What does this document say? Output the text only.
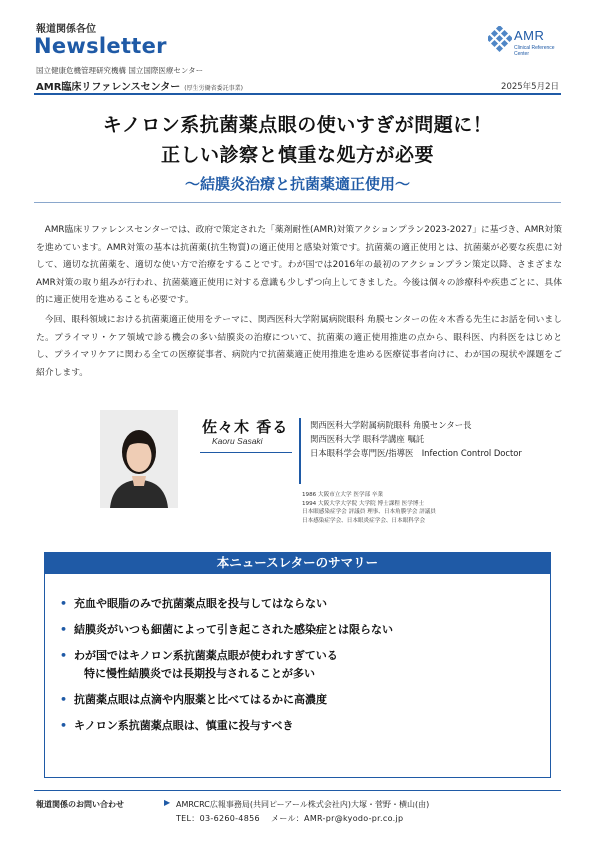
報道関係各位
Newsletter
国立健康危機管理研究機構 国立国際医療センター
AMR臨床リファレンスセンター (厚生労働省委託事業)	2025年5月2日
AMR
Clinical Reference Center
キノロン系抗菌薬点眼の使いすぎが問題に！
正しい診察と慎重な処方が必要
～結膜炎治療と抗菌薬適正使用～

AMR臨床リファレンスセンターでは、政府で策定された「薬剤耐性(AMR)対策アクションプラン2023-2027」に基づき、AMR対策を進めています。AMR対策の基本は抗菌薬(抗生物質)の適正使用と感染対策です。抗菌薬の適正使用とは、抗菌薬が必要な疾患に対して、適切な抗菌薬を、適切な使い方で治療をすることです。わが国では2016年の最初のアクションプラン策定以降、さまざまなAMR対策の取り組みが行われ、抗菌薬適正使用に対する意識も少しずつ向上してきました。今後は個々の診療科や疾患ごとに、具体的に適正使用を進めることも必要です。

今回、眼科領域における抗菌薬適正使用をテーマに、関西医科大学附属病院眼科 角膜センターの佐々木香る先生にお話を伺いました。プライマリ・ケア領域で診る機会の多い結膜炎の治療について、抗菌薬の適正使用推進の点から、眼科医、内科医をはじめとし、プライマリケアに関わる全ての医療従事者、病院内で抗菌薬適正使用推進を進める医療従事者向けに、わが国の現状や課題をご紹介します。

佐々木 香る
Kaoru Sasaki
関西医科大学附属病院眼科 角膜センター長
関西医科大学 眼科学講座 嘱託
日本眼科学会専門医/指導医　Infection Control Doctor
1986 大阪市立大学 医学部 卒業
1994 大阪大学大学院 大学院 博士課程 医学博士
日本眼感染症学会 評議員 理事、日本角膜学会 評議員
日本感染症学会、日本眼炎症学会、日本眼科学会
本ニュースレターのサマリー
• 充血や眼脂のみで抗菌薬点眼を投与してはならない
• 結膜炎がいつも細菌によって引き起こされた感染症とは限らない
• わが国ではキノロン系抗菌薬点眼が使われすぎている
特に慢性結膜炎では長期投与されることが多い
• 抗菌薬点眼は点滴や内服薬と比べてはるかに高濃度
• キノロン系抗菌薬点眼は、慎重に投与すべき
報道関係のお問い合わせ	▶ AMRCRC広報事務局(共同ピーアール株式会社内)大塚・菅野・横山(由)
TEL：03-6260-4856　 メール：AMR-pr@kyodo-pr.co.jp
